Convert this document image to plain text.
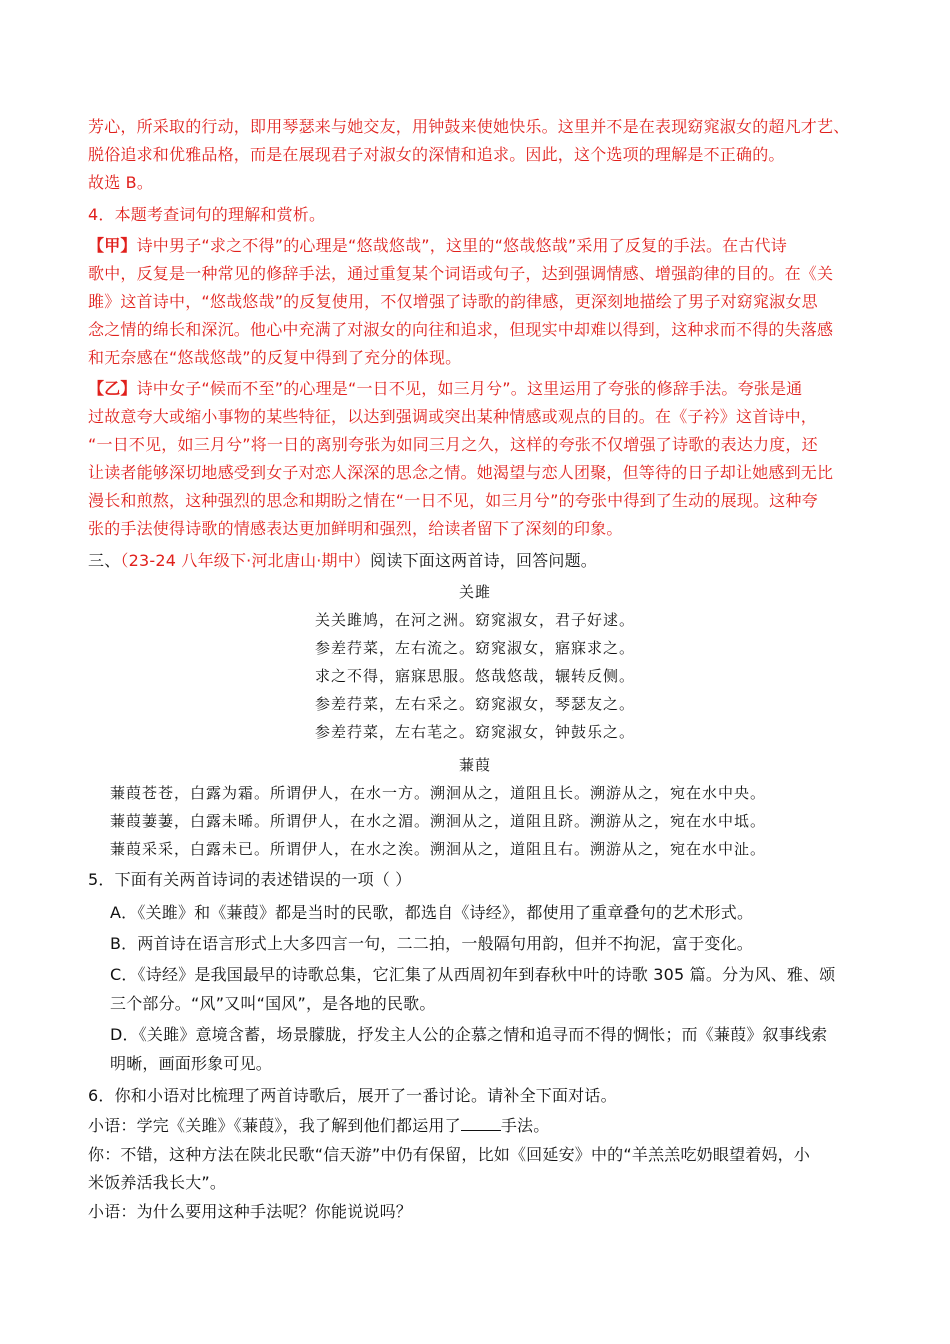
芳心，所采取的行动，即用琴瑟来与她交友，用钟鼓来使她快乐。这里并不是在表现窈窕淑女的超凡才艺、
脱俗追求和优雅品格，而是在展现君子对淑女的深情和追求。因此，这个选项的理解是不正确的。
故选 B。
4．本题考查词句的理解和赏析。
【甲】诗中男子“求之不得”的心理是“悠哉悠哉”，这里的“悠哉悠哉”采用了反复的手法。在古代诗
歌中，反复是一种常见的修辞手法，通过重复某个词语或句子，达到强调情感、增强韵律的目的。在《关
雎》这首诗中，“悠哉悠哉”的反复使用，不仅增强了诗歌的韵律感，更深刻地描绘了男子对窈窕淑女思
念之情的绵长和深沉。他心中充满了对淑女的向往和追求，但现实中却难以得到，这种求而不得的失落感
和无奈感在“悠哉悠哉”的反复中得到了充分的体现。
【乙】诗中女子“候而不至”的心理是“一日不见，如三月兮”。这里运用了夸张的修辞手法。夸张是通
过故意夸大或缩小事物的某些特征，以达到强调或突出某种情感或观点的目的。在《子衿》这首诗中，
“一日不见，如三月兮”将一日的离别夸张为如同三月之久，这样的夸张不仅增强了诗歌的表达力度，还
让读者能够深切地感受到女子对恋人深深的思念之情。她渴望与恋人团聚，但等待的日子却让她感到无比
漫长和煎熬，这种强烈的思念和期盼之情在“一日不见，如三月兮”的夸张中得到了生动的展现。这种夸
张的手法使得诗歌的情感表达更加鲜明和强烈，给读者留下了深刻的印象。
三、（23-24 八年级下·河北唐山·期中）阅读下面这两首诗，回答问题。
关雎
关关雎鸠，在河之洲。窈窕淑女，君子好逑。
参差荇菜，左右流之。窈窕淑女，寤寐求之。
求之不得，寤寐思服。悠哉悠哉，辗转反侧。
参差荇菜，左右采之。窈窕淑女，琴瑟友之。
参差荇菜，左右芼之。窈窕淑女，钟鼓乐之。
蒹葭
蒹葭苍苍，白露为霜。所谓伊人，在水一方。溯洄从之，道阻且长。溯游从之，宛在水中央。
蒹葭萋萋，白露未晞。所谓伊人，在水之湄。溯洄从之，道阻且跻。溯游从之，宛在水中坻。
蒹葭采采，白露未已。所谓伊人，在水之涘。溯洄从之，道阻且右。溯游从之，宛在水中沚。
5．下面有关两首诗词的表述错误的一项（ ）
A．《关雎》和《蒹葭》都是当时的民歌，都选自《诗经》，都使用了重章叠句的艺术形式。
B．两首诗在语言形式上大多四言一句，二二拍，一般隔句用韵，但并不拘泥，富于变化。
C．《诗经》是我国最早的诗歌总集，它汇集了从西周初年到春秋中叶的诗歌 305 篇。分为风、雅、颂
三个部分。“风”又叫“国风”，是各地的民歌。
D．《关雎》意境含蓄，场景朦胧，抒发主人公的企慕之情和追寻而不得的惆怅；而《蒹葭》叙事线索
明晰，画面形象可见。
6．你和小语对比梳理了两首诗歌后，展开了一番讨论。请补全下面对话。
小语：学完《关雎》《蒹葭》，我了解到他们都运用了	手法。
你：不错，这种方法在陕北民歌“信天游”中仍有保留，比如《回延安》中的“羊羔羔吃奶眼望着妈，小
米饭养活我长大”。
小语：为什么要用这种手法呢？你能说说吗？
